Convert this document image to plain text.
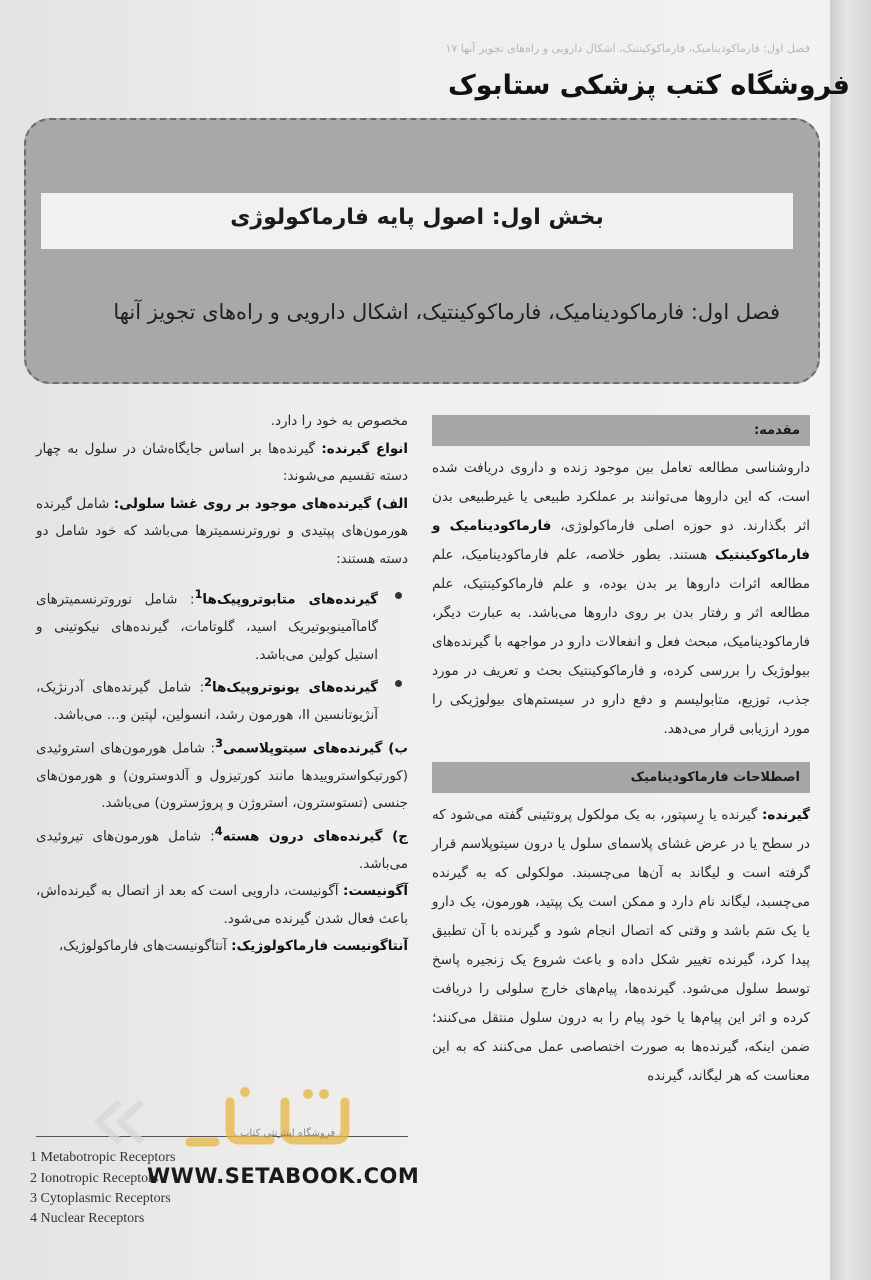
فصل اول: فارماکودینامیک، فارماکوکینتیک، اشکال دارویی و راه‌های تجویز آنها ۱۷
فروشگاه کتب پزشکی ستابوک
بخش اول: اصول پایه فارماکولوژی
فصل اول: فارماکودینامیک، فارماکوکینتیک، اشکال دارویی و راه‌های تجویز آنها
مقدمه:

داروشناسی مطالعه تعامل بین موجود زنده و داروی دریافت شده است، که این داروها می‌توانند بر عملکرد طبیعی یا غیرطبیعی بدن اثر بگذارند. دو حوزه اصلی فارماکولوژی، فارماکودینامیک و فارماکوکینتیک هستند. بطور خلاصه، علم فارماکودینامیک، علم مطالعه اثرات داروها بر بدن بوده، و علم فارماکوکینتیک، علم مطالعه اثر و رفتار بدن بر روی داروها می‌باشد. به عبارت دیگر، فارماکودینامیک، مبحث فعل و انفعالات دارو در مواجهه با گیرنده‌های بیولوژیک را بررسی کرده، و فارماکوکینتیک بحث و تعریف در مورد جذب، توزیع، متابولیسم و دفع دارو در سیستم‌های بیولوژیکی را مورد ارزیابی قرار می‌دهد.

اصطلاحات فارماکودینامیک

گیرنده: گیرنده یا رِسپتور، به یک مولکول پروتئینی گفته می‌شود که در سطح یا در عرض غشای پلاسمای سلول یا درون سیتوپلاسم قرار گرفته است و لیگاند به آن‌ها می‌چسبند. مولکولی که به گیرنده می‌چسبد، لیگاند نام دارد و ممکن است یک پپتید، هورمون، یک دارو یا یک سَم باشد و وقتی که اتصال انجام شود و گیرنده با آن تطبیق پیدا کرد، گیرنده تغییر شکل داده و باعث شروع یک زنجیره پاسخ توسط سلول می‌شود. گیرنده‌ها، پیام‌های خارج سلولی را دریافت کرده و اثر این پیام‌ها یا خود پیام را به درون سلول منتقل می‌کنند؛ ضمن اینکه، گیرنده‌ها به صورت اختصاصی عمل می‌کنند که به این معناست که هر لیگاند، گیرنده

مخصوص به خود را دارد.

انواع گیرنده: گیرنده‌ها بر اساس جایگاه‌شان در سلول به چهار دسته تقسیم می‌شوند:

الف) گیرنده‌های موجود بر روی غشا سلولی: شامل گیرنده هورمون‌های پپتیدی و نوروترنسمیترها می‌باشد که خود شامل دو دسته هستند:

گیرنده‌های متابوتروپیک‌ها$^1$: شامل نوروترنسمیترهای گاماآمینوبوتیریک اسید، گلوتامات، گیرنده‌های نیکوتینی و استیل کولین می‌باشد.

گیرنده‌های یونوتروپیک‌ها$^2$: شامل گیرنده‌های آدرنژیک، آنژیوتانسین II، هورمون رشد، انسولین، لپتین و... می‌باشد.

ب) گیرنده‌های سیتوپلاسمی$^3$: شامل هورمون‌های استروئیدی (کورتیکواستروییدها مانند کورتیزول و آلدوسترون) و هورمون‌های جنسی (تستوسترون، استروژن و پروژسترون) می‌باشد.

ج) گیرنده‌های درون هسته$^4$: شامل هورمون‌های تیروئیدی می‌باشد.

آگونیست: آگونیست، دارویی است که بعد از اتصال به گیرنده‌اش، باعث فعال شدن گیرنده می‌شود.

آنتاگونیست فارماکولوژیک: آنتاگونیست‌های فارماکولوژیک،

1 Metabotropic Receptors
2 Ionotropic Receptors
3 Cytoplasmic Receptors
4 Nuclear Receptors
فروشگاه اینترنتی کتاب
WWW.SETABOOK.COM
